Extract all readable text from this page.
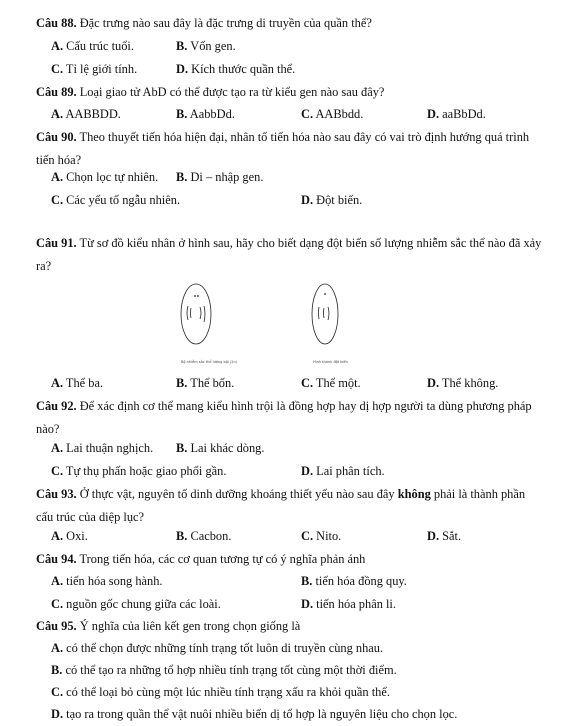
Câu 88. Đặc trưng nào sau đây là đặc trưng di truyền của quần thể?
A. Cấu trúc tuổi.	B. Vốn gen.
C. Tỉ lệ giới tính.	D. Kích thước quần thể.
Câu 89. Loại giao tử AbD có thể được tạo ra từ kiểu gen nào sau đây?
A. AABBDD.	B. AabbDd.	C. AABbdd.	D. aaBbDd.
Câu 90. Theo thuyết tiến hóa hiện đại, nhân tố tiến hóa nào sau đây có vai trò định hướng quá trình tiến hóa?
A. Chọn lọc tự nhiên. B. Di – nhập gen.
C. Các yếu tố ngẫu nhiên.	D. Đột biến.
Câu 91. Từ sơ đồ kiểu nhân ở hình sau, hãy cho biết dạng đột biến số lượng nhiễm sắc thể nào đã xảy ra?
Bộ nhiễm sắc thể lưỡng bội (2n)	Hình thành đột biến
A. Thể ba.	B. Thể bốn.	C. Thể một.	D. Thể không.
Câu 92. Để xác định cơ thể mang kiểu hình trội là đồng hợp hay dị hợp người ta dùng phương pháp nào?
A. Lai thuận nghịch. B. Lai khác dòng.
C. Tự thụ phấn hoặc giao phối gần.	D. Lai phân tích.
Câu 93. Ở thực vật, nguyên tố dinh dưỡng khoáng thiết yếu nào sau đây không phải là thành phần cấu trúc của diệp lục?
A. Oxi.	B. Cacbon.	C. Nito.	D. Sắt.
Câu 94. Trong tiến hóa, các cơ quan tương tự có ý nghĩa phản ánh
A. tiến hóa song hành.	B. tiến hóa đồng quy.
C. nguồn gốc chung giữa các loài.	D. tiến hóa phân li.
Câu 95. Ý nghĩa của liên kết gen trong chọn giống là
A. có thể chọn được những tính trạng tốt luôn di truyền cùng nhau.
B. có thể tạo ra những tổ hợp nhiều tính trạng tốt cùng một thời điểm.
C. có thể loại bỏ cùng một lúc nhiều tính trạng xấu ra khỏi quần thể.
D. tạo ra trong quần thể vật nuôi nhiều biến dị tổ hợp là nguyên liệu cho chọn lọc.
